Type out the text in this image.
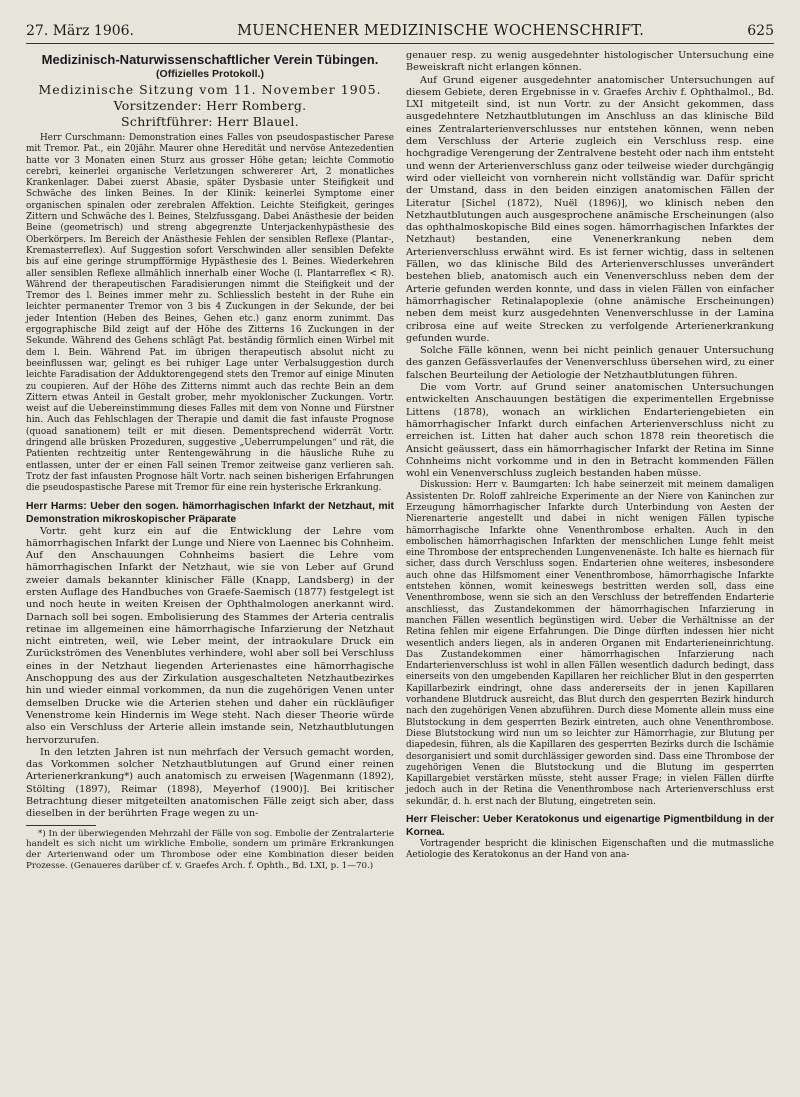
27. März 1906.	MUENCHENER MEDIZINISCHE WOCHENSCHRIFT.	625
Medizinisch-Naturwissenschaftlicher Verein Tübingen.
(Offizielles Protokoll.)
Medizinische Sitzung vom 11. November 1905.
Vorsitzender: Herr Romberg.
Schriftführer: Herr Blauel.

Herr Curschmann: Demonstration eines Falles von pseudospastischer Parese mit Tremor. Pat., ein 20jähr. Maurer ohne Heredität und nervöse Antezedentien hatte vor 3 Monaten einen Sturz aus grosser Höhe getan; leichte Commotio cerebri, keinerlei organische Verletzungen schwererer Art, 2 monatliches Krankenlager. Dabei zuerst Abasie, später Dysbasie unter Steifigkeit und Schwäche des linken Beines. In der Klinik: keinerlei Symptome einer organischen spinalen oder zerebralen Affektion. Leichte Steifigkeit, geringes Zittern und Schwäche des l. Beines, Stelzfussgang. Dabei Anästhesie der beiden Beine (geometrisch) und streng abgegrenzte Unterjackenhypästhesie des Oberkörpers. Im Bereich der Anästhesie Fehlen der sensiblen Reflexe (Plantar-, Kremasterreflex). Auf Suggestion sofort Verschwinden aller sensiblen Defekte bis auf eine geringe strumpfförmige Hypästhesie des l. Beines. Wiederkehren aller sensiblen Reflexe allmählich innerhalb einer Woche (l. Plantarreflex < R). Während der therapeutischen Faradisierungen nimmt die Steifigkeit und der Tremor des l. Beines immer mehr zu. Schliesslich besteht in der Ruhe ein leichter permanenter Tremor von 3 bis 4 Zuckungen in der Sekunde, der bei jeder Intention (Heben des Beines, Gehen etc.) ganz enorm zunimmt. Das ergographische Bild zeigt auf der Höhe des Zitterns 16 Zuckungen in der Sekunde. Während des Gehens schlägt Pat. beständig förmlich einen Wirbel mit dem l. Bein. Während Pat. im übrigen therapeutisch absolut nicht zu beeinflussen war, gelingt es bei ruhiger Lage unter Verbalsuggestion durch leichte Faradisation der Adduktorengegend stets den Tremor auf einige Minuten zu coupieren. Auf der Höhe des Zitterns nimmt auch das rechte Bein an dem Zittern etwas Anteil in Gestalt grober, mehr myoklonischer Zuckungen. Vortr. weist auf die Uebereinstimmung dieses Falles mit dem von Nonne und Fürstner hin. Auch das Fehlschlagen der Therapie und damit die fast infauste Prognose (quoad sanationem) teilt er mit diesen. Dementsprechend widerrät Vortr. dringend alle brüsken Prozeduren, suggestive „Ueberrumpelungen“ und rät, die Patienten rechtzeitig unter Rentengewährung in die häusliche Ruhe zu entlassen, unter der er einen Fall seinen Tremor zeitweise ganz verlieren sah. Trotz der fast infausten Prognose hält Vortr. nach seinen bisherigen Erfahrungen die pseudospastische Parese mit Tremor für eine rein hysterische Erkrankung.

Herr Harms: Ueber den sogen. hämorrhagischen Infarkt der Netzhaut, mit Demonstration mikroskopischer Präparate

Vortr. geht kurz ein auf die Entwicklung der Lehre vom hämorrhagischen Infarkt der Lunge und Niere von Laennec bis Cohnheim. Auf den Anschauungen Cohnheims basiert die Lehre vom hämorrhagischen Infarkt der Netzhaut, wie sie von Leber auf Grund zweier damals bekannter klinischer Fälle (Knapp, Landsberg) in der ersten Auflage des Handbuches von Graefe-Saemisch (1877) festgelegt ist und noch heute in weiten Kreisen der Ophthalmologen anerkannt wird. Darnach soll bei sogen. Embolisierung des Stammes der Arteria centralis retinae im allgemeinen eine hämorrhagische Infarzierung der Netzhaut nicht eintreten, weil, wie Leber meint, der intraokulare Druck ein Zurückströmen des Venenblutes verhindere, wohl aber soll bei Verschluss eines in der Netzhaut liegenden Arterienastes eine hämorrhagische Anschoppung des aus der Zirkulation ausgeschalteten Netzhautbezirkes hin und wieder einmal vorkommen, da nun die zugehörigen Venen unter demselben Drucke wie die Arterien stehen und daher ein rückläufiger Venenstrome kein Hindernis im Wege steht. Nach dieser Theorie würde also ein Verschluss der Arterie allein imstande sein, Netzhautblutungen hervorzurufen.

In den letzten Jahren ist nun mehrfach der Versuch gemacht worden, das Vorkommen solcher Netzhautblutungen auf Grund einer reinen Arterienerkrankung*) auch anatomisch zu erweisen [Wagenmann (1892), Stölting (1897), Reimar (1898), Meyerhof (1900)]. Bei kritischer Betrachtung dieser mitgeteilten anatomischen Fälle zeigt sich aber, dass dieselben in der berührten Frage wegen zu un-

*) In der überwiegenden Mehrzahl der Fälle von sog. Embolie der Zentralarterie handelt es sich nicht um wirkliche Embolie, sondern um primäre Erkrankungen der Arterienwand oder um Thrombose oder eine Kombination dieser beiden Prozesse. (Genaueres darüber cf. v. Graefes Arch. f. Ophth., Bd. LXI, p. 1—70.)

genauer resp. zu wenig ausgedehnter histologischer Untersuchung eine Beweiskraft nicht erlangen können.

Auf Grund eigener ausgedehnter anatomischer Untersuchungen auf diesem Gebiete, deren Ergebnisse in v. Graefes Archiv f. Ophthalmol., Bd. LXI mitgeteilt sind, ist nun Vortr. zu der Ansicht gekommen, dass ausgedehntere Netzhautblutungen im Anschluss an das klinische Bild eines Zentralarterienverschlusses nur entstehen können, wenn neben dem Verschluss der Arterie zugleich ein Verschluss resp. eine hochgradige Verengerung der Zentralvene besteht oder nach ihm entsteht und wenn der Arterienverschluss ganz oder teilweise wieder durchgängig wird oder vielleicht von vornherein nicht vollständig war. Dafür spricht der Umstand, dass in den beiden einzigen anatomischen Fällen der Literatur [Sichel (1872), Nuël (1896)], wo klinisch neben den Netzhautblutungen auch ausgesprochene anämische Erscheinungen (also das ophthalmoskopische Bild eines sogen. hämorrhagischen Infarktes der Netzhaut) bestanden, eine Venenerkrankung neben dem Arterienverschluss erwähnt wird. Es ist ferner wichtig, dass in seltenen Fällen, wo das klinische Bild des Arterienverschlusses unverändert bestehen blieb, anatomisch auch ein Venenverschluss neben dem der Arterie gefunden werden konnte, und dass in vielen Fällen von einfacher hämorrhagischer Retinalapoplexie (ohne anämische Erscheinungen) neben dem meist kurz ausgedehnten Venenverschlusse in der Lamina cribrosa eine auf weite Strecken zu verfolgende Arterienerkrankung gefunden wurde.

Solche Fälle können, wenn bei nicht peinlich genauer Untersuchung des ganzen Gefässverlaufes der Venenverschluss übersehen wird, zu einer falschen Beurteilung der Aetiologie der Netzhautblutungen führen.

Die vom Vortr. auf Grund seiner anatomischen Untersuchungen entwickelten Anschauungen bestätigen die experimentellen Ergebnisse Littens (1878), wonach an wirklichen Endarteriengebieten ein hämorrhagischer Infarkt durch einfachen Arterienverschluss nicht zu erreichen ist. Litten hat daher auch schon 1878 rein theoretisch die Ansicht geäussert, dass ein hämorrhagischer Infarkt der Retina im Sinne Cohnheims nicht vorkomme und in den in Betracht kommenden Fällen wohl ein Venenverschluss zugleich bestanden haben müsse.

Diskussion: Herr v. Baumgarten: Ich habe seinerzeit mit meinem damaligen Assistenten Dr. Roloff zahlreiche Experimente an der Niere von Kaninchen zur Erzeugung hämorrhagischer Infarkte durch Unterbindung von Aesten der Nierenarterie angestellt und dabei in nicht wenigen Fällen typische hämorrhagische Infarkte ohne Venenthrombose erhalten. Auch in den embolischen hämorrhagischen Infarkten der menschlichen Lunge fehlt meist eine Thrombose der entsprechenden Lungenvenenäste. Ich halte es hiernach für sicher, dass durch Verschluss sogen. Endarterien ohne weiteres, insbesondere auch ohne das Hilfsmoment einer Venenthrombose, hämorrhagische Infarkte entstehen können, womit keineswegs bestritten werden soll, dass eine Venenthrombose, wenn sie sich an den Verschluss der betreffenden Endarterie anschliesst, das Zustandekommen der hämorrhagischen Infarzierung in manchen Fällen wesentlich begünstigen wird. Ueber die Verhältnisse an der Retina fehlen mir eigene Erfahrungen. Die Dinge dürften indessen hier nicht wesentlich anders liegen, als in anderen Organen mit Endarterieneinrichtung. Das Zustandekommen einer hämorrhagischen Infarzierung nach Endarterienverschluss ist wohl in allen Fällen wesentlich dadurch bedingt, dass einerseits von den umgebenden Kapillaren her reichlicher Blut in den gesperrten Kapillarbezirk eindringt, ohne dass andererseits der in jenen Kapillaren vorhandene Blutdruck ausreicht, das Blut durch den gesperrten Bezirk hindurch nach den zugehörigen Venen abzuführen. Durch diese Momente allein muss eine Blutstockung in dem gesperrten Bezirk eintreten, auch ohne Venenthrombose. Diese Blutstockung wird nun um so leichter zur Hämorrhagie, zur Blutung per diapedesin, führen, als die Kapillaren des gesperrten Bezirks durch die Ischämie desorganisiert und somit durchlässiger geworden sind. Dass eine Thrombose der zugehörigen Venen die Blutstockung und die Blutung im gesperrten Kapillargebiet verstärken müsste, steht ausser Frage; in vielen Fällen dürfte jedoch auch in der Retina die Venenthrombose nach Arterienverschluss erst sekundär, d. h. erst nach der Blutung, eingetreten sein.

Herr Fleischer: Ueber Keratokonus und eigenartige Pigmentbildung in der Kornea.

Vortragender bespricht die klinischen Eigenschaften und die mutmassliche Aetiologie des Keratokonus an der Hand von ana-
